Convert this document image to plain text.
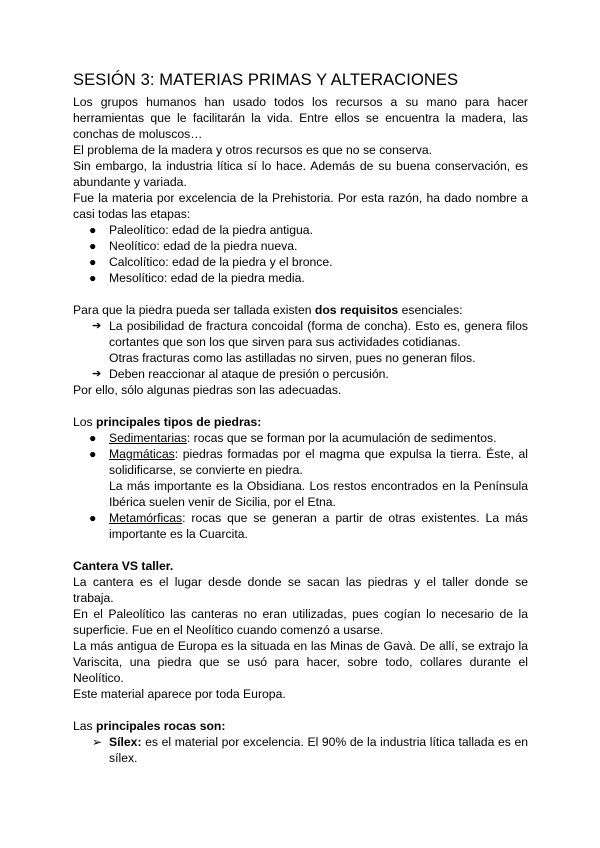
SESIÓN 3: MATERIAS PRIMAS Y ALTERACIONES

Los grupos humanos han usado todos los recursos a su mano para hacer herramientas que le facilitarán la vida. Entre ellos se encuentra la madera, las conchas de moluscos…

El problema de la madera y otros recursos es que no se conserva.

Sin embargo, la industria lítica sí lo hace. Además de su buena conservación, es abundante y variada.

Fue la materia por excelencia de la Prehistoria. Por esta razón, ha dado nombre a casi todas las etapas:

● Paleolítico: edad de la piedra antigua.
● Neolítico: edad de la piedra nueva.
● Calcolítico: edad de la piedra y el bronce.
● Mesolítico: edad de la piedra media.

Para que la piedra pueda ser tallada existen dos requisitos esenciales:

➔ La posibilidad de fractura concoidal (forma de concha). Esto es, genera filos cortantes que son los que sirven para sus actividades cotidianas.
Otras fracturas como las astilladas no sirven, pues no generan filos.
➔ Deben reaccionar al ataque de presión o percusión.

Por ello, sólo algunas piedras son las adecuadas.

Los principales tipos de piedras:

● Sedimentarias: rocas que se forman por la acumulación de sedimentos.
● Magmáticas: piedras formadas por el magma que expulsa la tierra. Éste, al solidificarse, se convierte en piedra.
La más importante es la Obsidiana. Los restos encontrados en la Península Ibérica suelen venir de Sicilia, por el Etna.
● Metamórficas: rocas que se generan a partir de otras existentes. La más importante es la Cuarcita.

Cantera VS taller.

La cantera es el lugar desde donde se sacan las piedras y el taller donde se trabaja.

En el Paleolítico las canteras no eran utilizadas, pues cogían lo necesario de la superficie. Fue en el Neolítico cuando comenzó a usarse.

La más antigua de Europa es la situada en las Minas de Gavà. De allí, se extrajo la Variscita, una piedra que se usó para hacer, sobre todo, collares durante el Neolítico.

Este material aparece por toda Europa.

Las principales rocas son:

➢ Sílex: es el material por excelencia. El 90% de la industria lítica tallada es en sílex.
